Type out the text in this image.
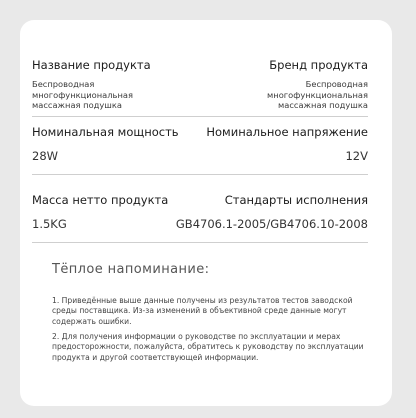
Название продукта
Беспроводная
многофункциональная
массажная подушка
Бренд продукта
Беспроводная
многофункциональная
массажная подушка
Номинальная мощность
28W
Номинальное напряжение
12V
Масса нетто продукта
1.5KG
Стандарты исполнения
GB4706.1-2005/GB4706.10-2008
Тёплое напоминание:
1. Приведённые выше данные получены из результатов тестов заводской
среды поставщика. Из-за изменений в объективной среде данные могут
содержать ошибки.
2. Для получения информации о руководстве по эксплуатации и мерах
предосторожности, пожалуйста, обратитесь к руководству по эксплуатации
продукта и другой соответствующей информации.
